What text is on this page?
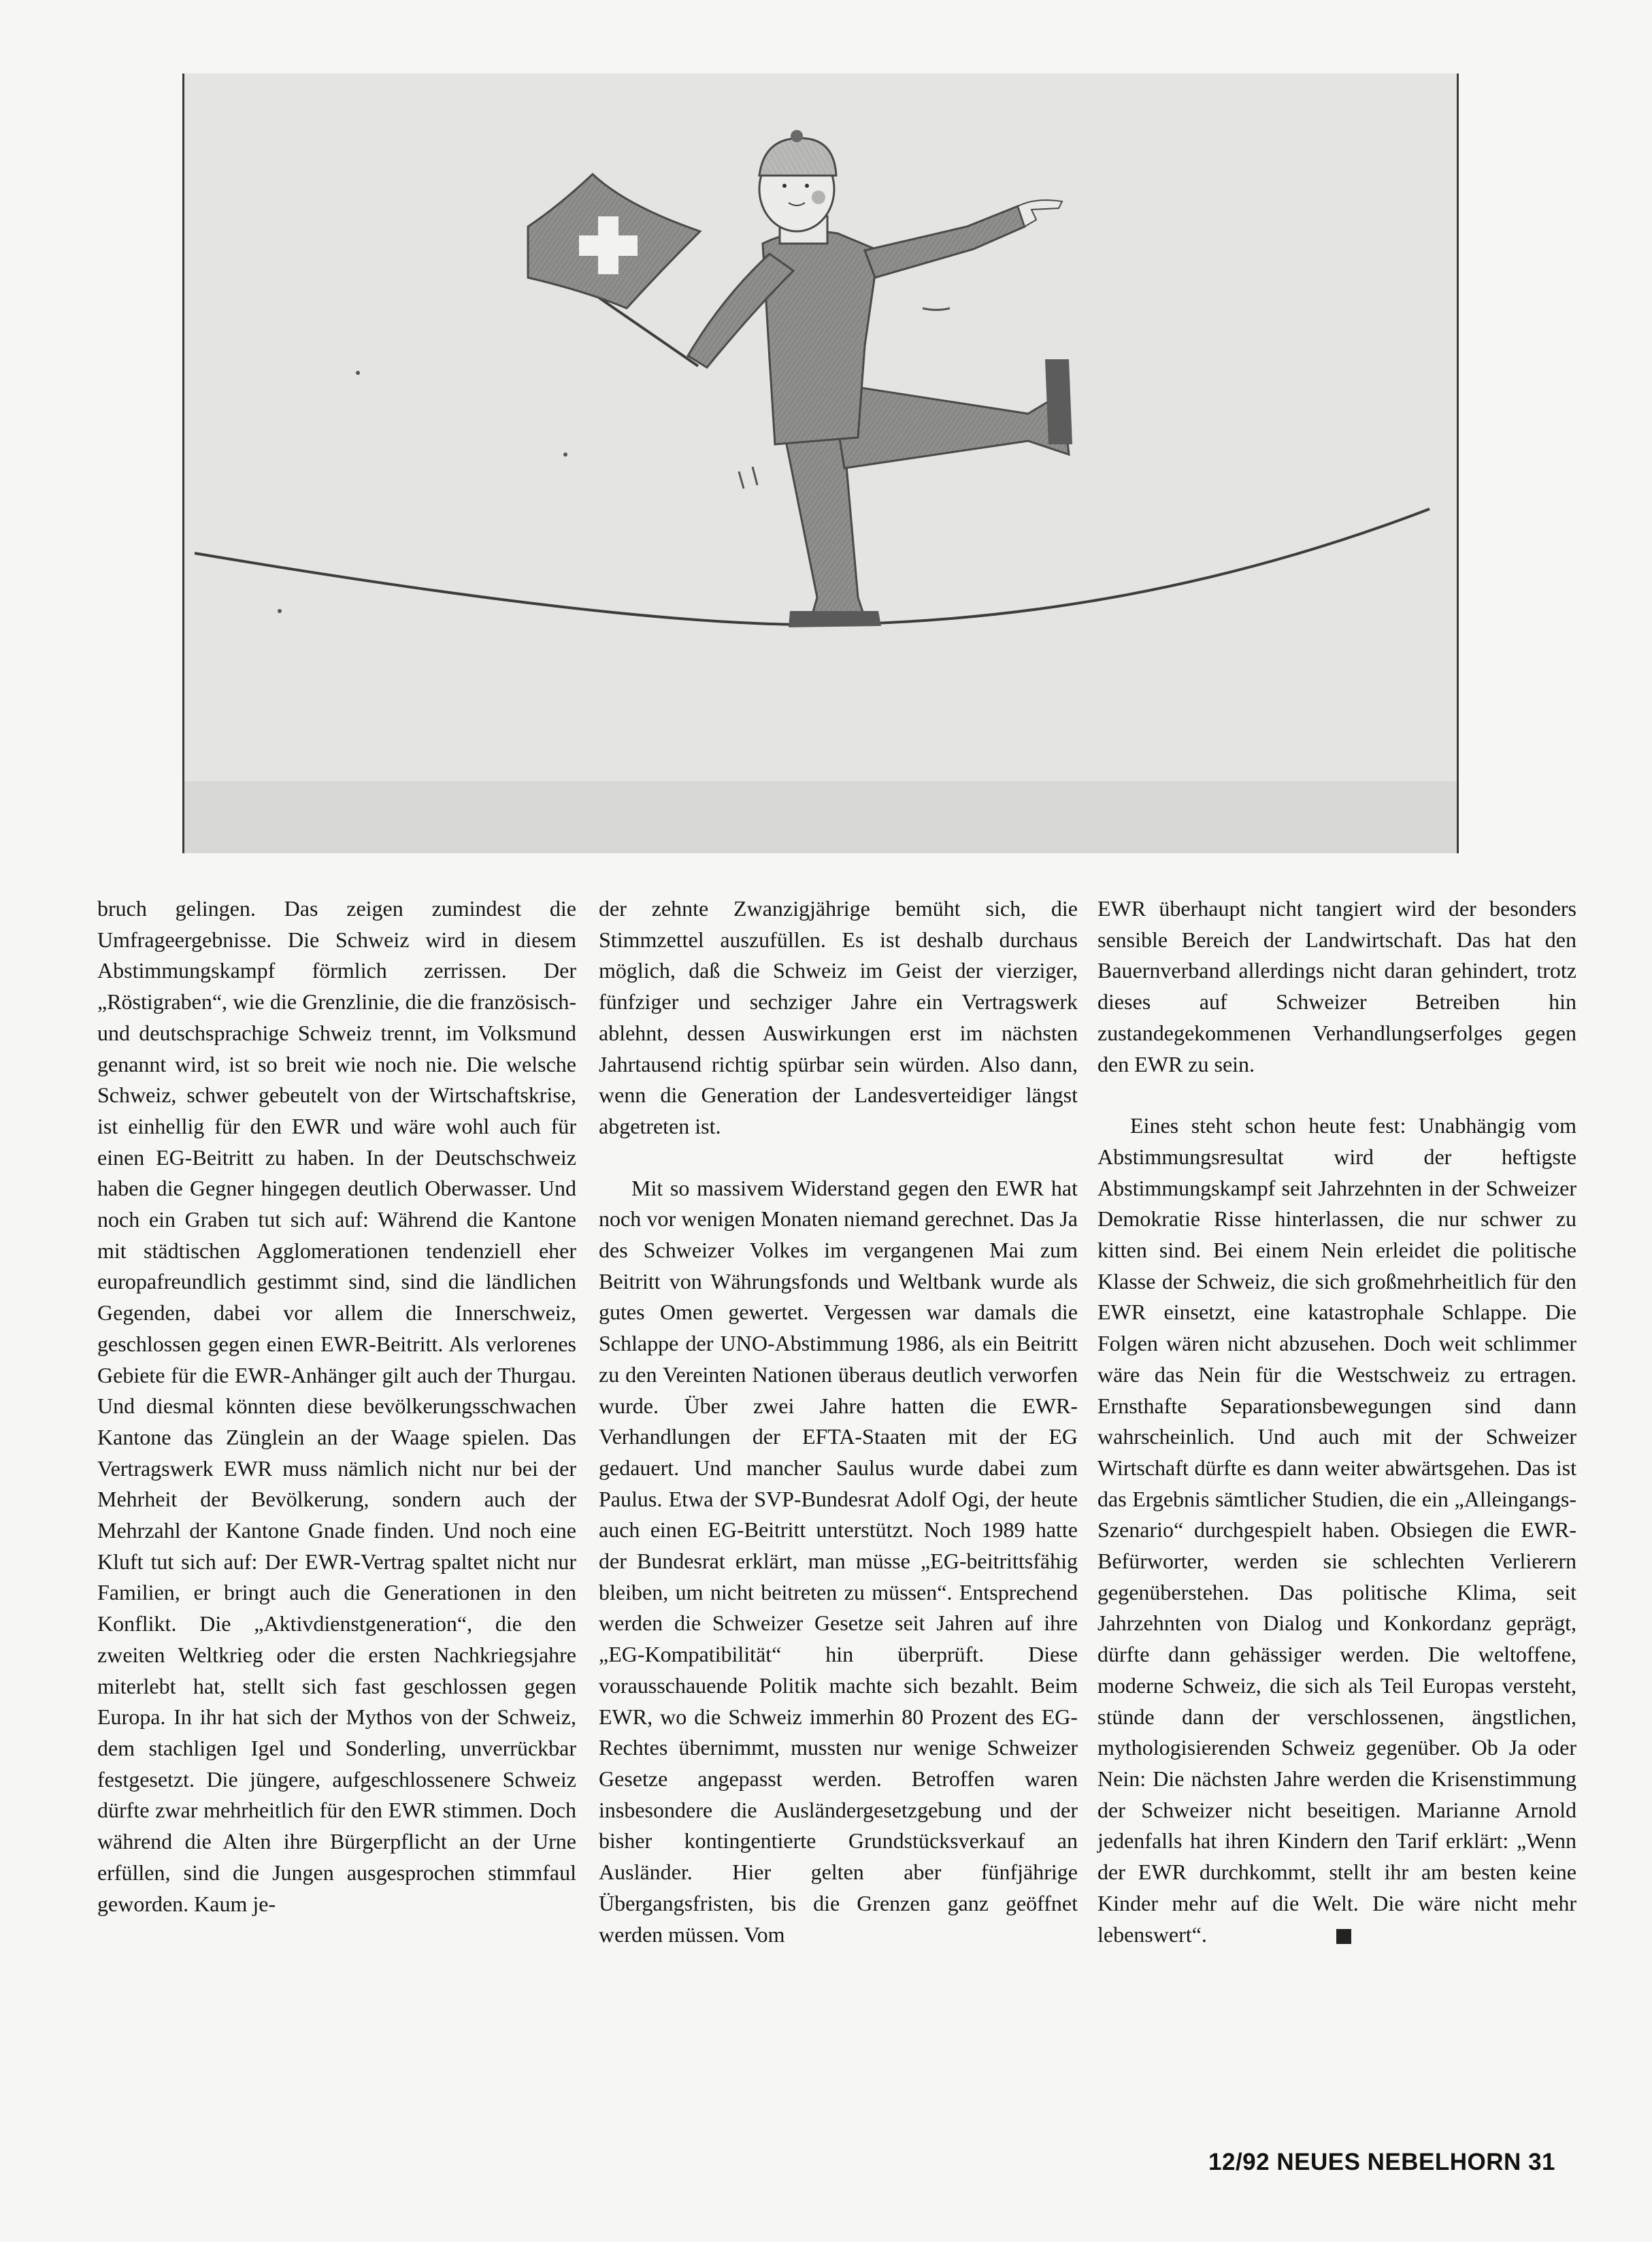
bruch gelingen. Das zeigen zumindest die Umfrageergebnisse. Die Schweiz wird in diesem Abstimmungskampf förmlich zerrissen. Der „Röstigraben“, wie die Grenzlinie, die die französisch- und deutschsprachige Schweiz trennt, im Volksmund genannt wird, ist so breit wie noch nie. Die welsche Schweiz, schwer gebeutelt von der Wirtschaftskrise, ist einhellig für den EWR und wäre wohl auch für einen EG-Beitritt zu haben. In der Deutschschweiz haben die Gegner hingegen deutlich Oberwasser. Und noch ein Graben tut sich auf: Während die Kantone mit städtischen Agglomerationen tendenziell eher europafreundlich gestimmt sind, sind die ländlichen Gegenden, dabei vor allem die Innerschweiz, geschlossen gegen einen EWR-Beitritt. Als verlorenes Gebiete für die EWR-Anhänger gilt auch der Thurgau. Und diesmal könnten diese bevölkerungsschwachen Kantone das Zünglein an der Waage spielen. Das Vertragswerk EWR muss nämlich nicht nur bei der Mehrheit der Bevölkerung, sondern auch der Mehrzahl der Kantone Gnade finden. Und noch eine Kluft tut sich auf: Der EWR-Vertrag spaltet nicht nur Familien, er bringt auch die Generationen in den Konflikt. Die „Aktivdienstgeneration“, die den zweiten Weltkrieg oder die ersten Nachkriegsjahre miterlebt hat, stellt sich fast geschlossen gegen Europa. In ihr hat sich der Mythos von der Schweiz, dem stachligen Igel und Sonderling, unverrückbar festgesetzt. Die jüngere, aufgeschlossenere Schweiz dürfte zwar mehrheitlich für den EWR stimmen. Doch während die Alten ihre Bürgerpflicht an der Urne erfüllen, sind die Jungen ausgesprochen stimmfaul geworden. Kaum je-

der zehnte Zwanzigjährige bemüht sich, die Stimmzettel auszufüllen. Es ist deshalb durchaus möglich, daß die Schweiz im Geist der vierziger, fünfziger und sechziger Jahre ein Vertragswerk ablehnt, dessen Auswirkungen erst im nächsten Jahrtausend richtig spürbar sein würden. Also dann, wenn die Generation der Landesverteidiger längst abgetreten ist.

Mit so massivem Widerstand gegen den EWR hat noch vor wenigen Monaten niemand gerechnet. Das Ja des Schweizer Volkes im vergangenen Mai zum Beitritt von Währungsfonds und Weltbank wurde als gutes Omen gewertet. Vergessen war damals die Schlappe der UNO-Abstimmung 1986, als ein Beitritt zu den Vereinten Nationen überaus deutlich verworfen wurde. Über zwei Jahre hatten die EWR-Verhandlungen der EFTA-Staaten mit der EG gedauert. Und mancher Saulus wurde dabei zum Paulus. Etwa der SVP-Bundesrat Adolf Ogi, der heute auch einen EG-Beitritt unterstützt. Noch 1989 hatte der Bundesrat erklärt, man müsse „EG-beitrittsfähig bleiben, um nicht beitreten zu müssen“. Entsprechend werden die Schweizer Gesetze seit Jahren auf ihre „EG-Kompatibilität“ hin überprüft. Diese vorausschauende Politik machte sich bezahlt. Beim EWR, wo die Schweiz immerhin 80 Prozent des EG-Rechtes übernimmt, mussten nur wenige Schweizer Gesetze angepasst werden. Betroffen waren insbesondere die Ausländergesetzgebung und der bisher kontingentierte Grundstücksverkauf an Ausländer. Hier gelten aber fünfjährige Übergangsfristen, bis die Grenzen ganz geöffnet werden müssen. Vom

EWR überhaupt nicht tangiert wird der besonders sensible Bereich der Landwirtschaft. Das hat den Bauernverband allerdings nicht daran gehindert, trotz dieses auf Schweizer Betreiben hin zustandegekommenen Verhandlungserfolges gegen den EWR zu sein.

Eines steht schon heute fest: Unabhängig vom Abstimmungsresultat wird der heftigste Abstimmungskampf seit Jahrzehnten in der Schweizer Demokratie Risse hinterlassen, die nur schwer zu kitten sind. Bei einem Nein erleidet die politische Klasse der Schweiz, die sich großmehrheitlich für den EWR einsetzt, eine katastrophale Schlappe. Die Folgen wären nicht abzusehen. Doch weit schlimmer wäre das Nein für die Westschweiz zu ertragen. Ernsthafte Separationsbewegungen sind dann wahrscheinlich. Und auch mit der Schweizer Wirtschaft dürfte es dann weiter abwärtsgehen. Das ist das Ergebnis sämtlicher Studien, die ein „Alleingangs-Szenario“ durchgespielt haben. Obsiegen die EWR-Befürworter, werden sie schlechten Verlierern gegenüberstehen. Das politische Klima, seit Jahrzehnten von Dialog und Konkordanz geprägt, dürfte dann gehässiger werden. Die weltoffene, moderne Schweiz, die sich als Teil Europas versteht, stünde dann der verschlossenen, ängstlichen, mythologisierenden Schweiz gegenüber. Ob Ja oder Nein: Die nächsten Jahre werden die Krisenstimmung der Schweizer nicht beseitigen. Marianne Arnold jedenfalls hat ihren Kindern den Tarif erklärt: „Wenn der EWR durchkommt, stellt ihr am besten keine Kinder mehr auf die Welt. Die wäre nicht mehr lebenswert“.	▸

12/92 NEUES NEBELHORN 31
